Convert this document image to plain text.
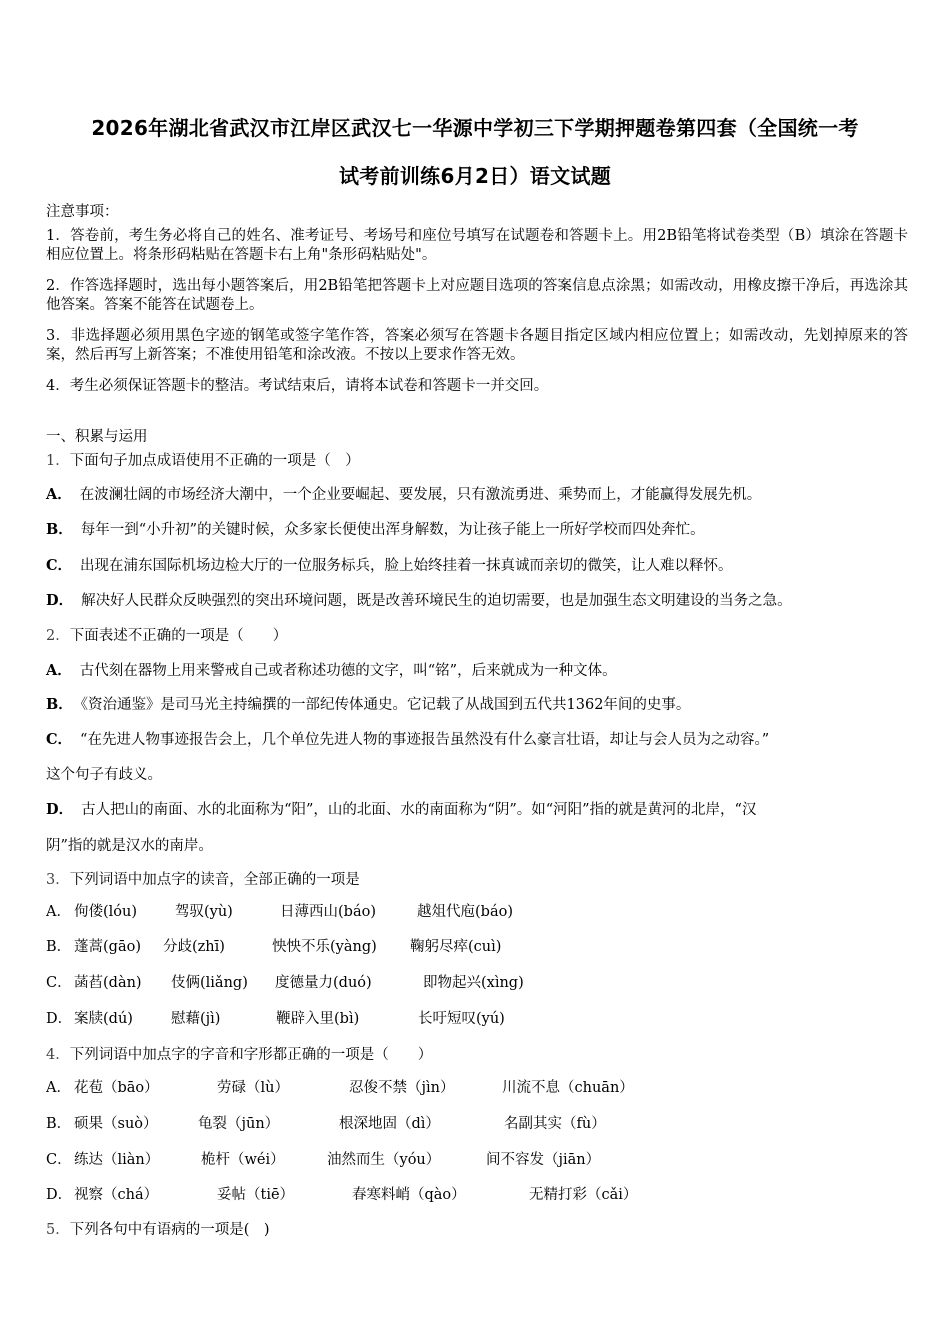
2026年湖北省武汉市江岸区武汉七一华源中学初三下学期押题卷第四套（全国统一考
试考前训练6月2日）语文试题
注意事项：
1．答卷前，考生务必将自己的姓名、准考证号、考场号和座位号填写在试题卷和答题卡上。用2B铅笔将试卷类型（B）填涂在答题卡相应位置上。将条形码粘贴在答题卡右上角"条形码粘贴处"。
2．作答选择题时，选出每小题答案后，用2B铅笔把答题卡上对应题目选项的答案信息点涂黑；如需改动，用橡皮擦干净后，再选涂其他答案。答案不能答在试题卷上。
3．非选择题必须用黑色字迹的钢笔或签字笔作答，答案必须写在答题卡各题目指定区域内相应位置上；如需改动，先划掉原来的答案，然后再写上新答案；不准使用铅笔和涂改液。不按以上要求作答无效。
4．考生必须保证答题卡的整洁。考试结束后，请将本试卷和答题卡一并交回。
一、积累与运用
1．下面句子加点成语使用不正确的一项是（　）
A． 在波澜壮阔的市场经济大潮中，一个企业要崛起、要发展，只有激流勇进、乘势而上，才能赢得发展先机。
B． 每年一到“小升初”的关键时候，众多家长便使出浑身解数，为让孩子能上一所好学校而四处奔忙。
C． 出现在浦东国际机场边检大厅的一位服务标兵，脸上始终挂着一抹真诚而亲切的微笑，让人难以释怀。
D． 解决好人民群众反映强烈的突出环境问题，既是改善环境民生的迫切需要，也是加强生态文明建设的当务之急。
2．下面表述不正确的一项是（　　）
A． 古代刻在器物上用来警戒自己或者称述功德的文字，叫“铭”，后来就成为一种文体。
B． 《资治通鉴》是司马光主持编撰的一部纪传体通史。它记载了从战国到五代共1362年间的史事。
C． “在先进人物事迹报告会上，几个单位先进人物的事迹报告虽然没有什么豪言壮语，却让与会人员为之动容。”
这个句子有歧义。
D． 古人把山的南面、水的北面称为“阳”，山的北面、水的南面称为“阴”。如“河阳”指的就是黄河的北岸，“汉
阴”指的就是汉水的南岸。
3．下列词语中加点字的读音，全部正确的一项是
A． 佝偻(lóu)	驾驭(yù)	日薄西山(báo)	越俎代庖(báo)
B． 蓬蒿(gāo) 分歧(zhī)	怏怏不乐(yàng) 鞠躬尽瘁(cuì)
C． 菡萏(dàn) 伎俩(liǎng) 度德量力(duó)	即物起兴(xìng)
D． 案牍(dú)	慰藉(jì)	鞭辟入里(bì)	长吁短叹(yú)
4．下列词语中加点字的字音和字形都正确的一项是（　　）
A． 花苞（bāo）	劳碌（lù）	忍俊不禁（jìn）	川流不息（chuān）
B． 硕果（suò）	龟裂（jūn）	根深地固（dì）	名副其实（fù）
C． 练达（liàn）	桅杆（wéi）	油然而生（yóu）	间不容发（jiān）
D． 视察（chá）	妥帖（tiē）	春寒料峭（qào）	无精打彩（cǎi）
5．下列各句中有语病的一项是(　)
